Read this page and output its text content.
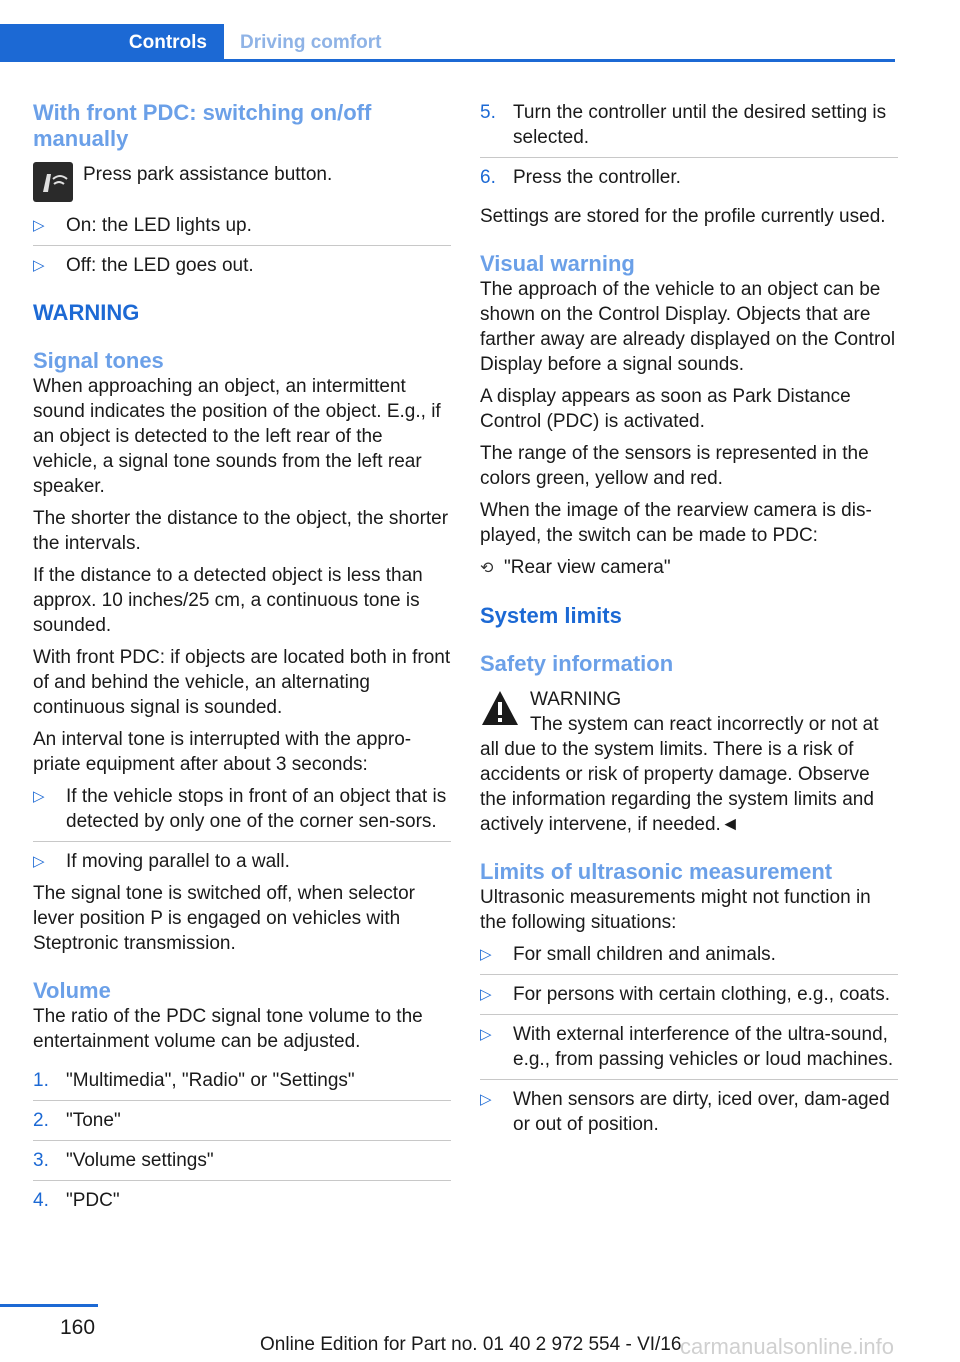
Controls	Driving comfort
With front PDC: switching on/off manually

Press park assistance button.

▷ On: the LED lights up.
▷ Off: the LED goes out.
WARNING
Signal tones

When approaching an object, an intermittent sound indicates the position of the object. E.g., if an object is detected to the left rear of the vehicle, a signal tone sounds from the left rear speaker.

The shorter the distance to the object, the shorter the intervals.

If the distance to a detected object is less than approx. 10 inches/25 cm, a continuous tone is sounded.

With front PDC: if objects are located both in front of and behind the vehicle, an alternating continuous signal is sounded.

An interval tone is interrupted with the appro‐priate equipment after about 3 seconds:

▷ If the vehicle stops in front of an object that is detected by only one of the corner sen‐sors.
▷ If moving parallel to a wall.

The signal tone is switched off, when selector lever position P is engaged on vehicles with Steptronic transmission.

Volume

The ratio of the PDC signal tone volume to the entertainment volume can be adjusted.

1. "Multimedia", "Radio" or "Settings"
2. "Tone"
3. "Volume settings"
4. "PDC"
5. Turn the controller until the desired setting is selected.
6. Press the controller.

Settings are stored for the profile currently used.

Visual warning

The approach of the vehicle to an object can be shown on the Control Display. Objects that are farther away are already displayed on the Control Display before a signal sounds.

A display appears as soon as Park Distance Control (PDC) is activated.

The range of the sensors is represented in the colors green, yellow and red.

When the image of the rearview camera is dis‐played, the switch can be made to PDC:

⟲ "Rear view camera"

System limits
Safety information

WARNING

The system can react incorrectly or not at all due to the system limits. There is a risk of accidents or risk of property damage. Observe the information regarding the system limits and actively intervene, if needed.◄

Limits of ultrasonic measurement

Ultrasonic measurements might not function in the following situations:

▷ For small children and animals.
▷ For persons with certain clothing, e.g., coats.
▷ With external interference of the ultra‐sound, e.g., from passing vehicles or loud machines.
▷ When sensors are dirty, iced over, dam‐aged or out of position.
160
Online Edition for Part no. 01 40 2 972 554 - VI/16
carmanualsonline.info
